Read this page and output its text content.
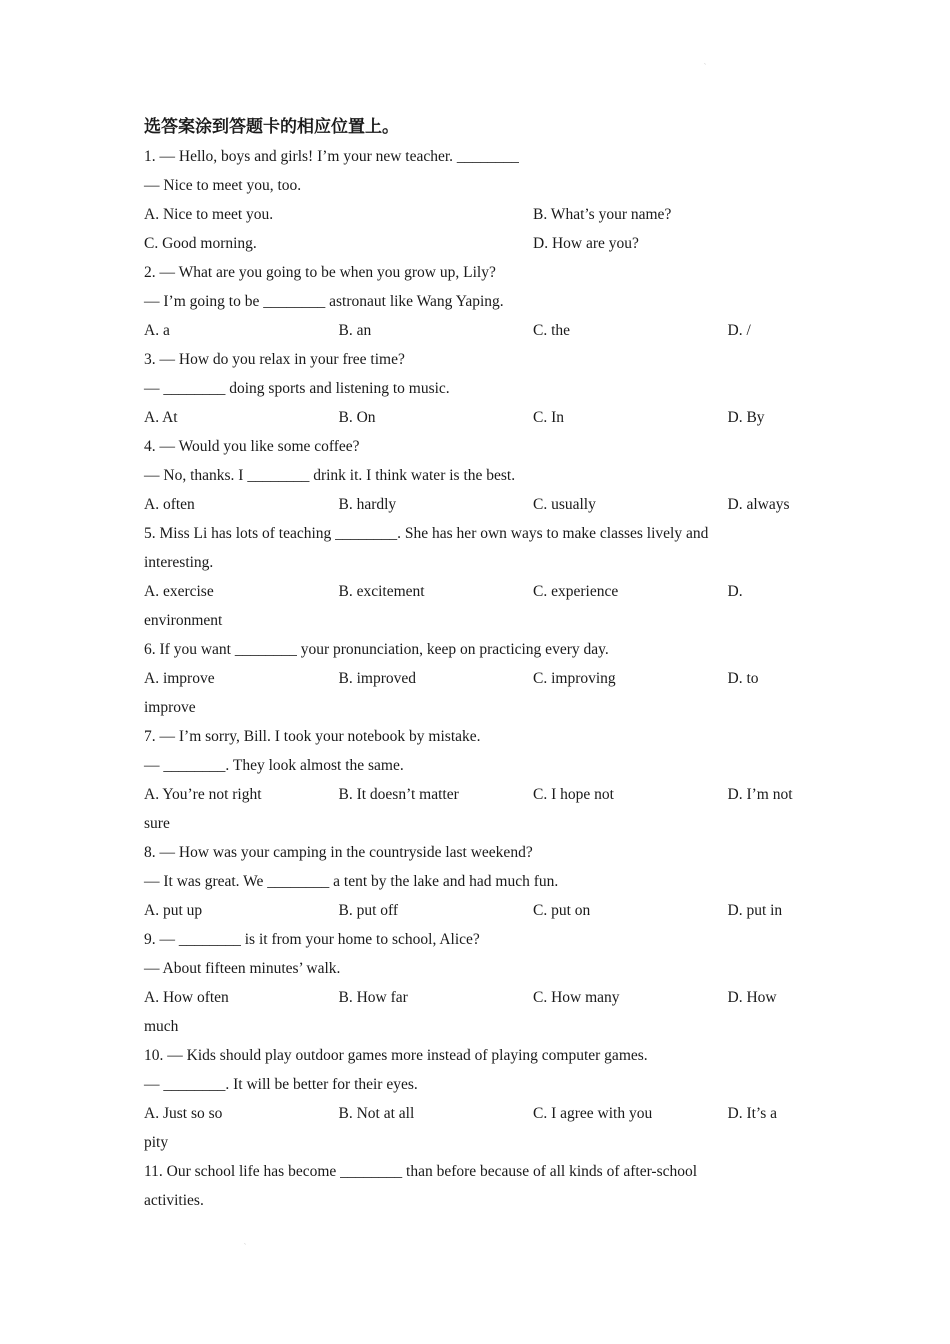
`
选答案涂到答题卡的相应位置上。
1. — Hello, boys and girls! I’m your new teacher. ________
— Nice to meet you, too.
A. Nice to meet you.	B. What’s your name?
C. Good morning.	D. How are you?
2. — What are you going to be when you grow up, Lily?
— I’m going to be ________ astronaut like Wang Yaping.
A. a	B. an	C. the	D. /
3. — How do you relax in your free time?
— ________ doing sports and listening to music.
A. At	B. On	C. In	D. By
4. — Would you like some coffee?
— No, thanks. I ________ drink it. I think water is the best.
A. often	B. hardly	C. usually	D. always
5. Miss Li has lots of teaching ________. She has her own ways to make classes lively and
interesting.
A. exercise	B. excitement	C. experience	D.
environment
6. If you want ________ your pronunciation, keep on practicing every day.
A. improve	B. improved	C. improving	D. to
improve
7. — I’m sorry, Bill. I took your notebook by mistake.
— ________. They look almost the same.
A. You’re not right	B. It doesn’t matter	C. I hope not	D. I’m not
sure
8. — How was your camping in the countryside last weekend?
— It was great. We ________ a tent by the lake and had much fun.
A. put up	B. put off	C. put on	D. put in
9. — ________ is it from your home to school, Alice?
— About fifteen minutes’ walk.
A. How often	B. How far	C. How many	D. How
much
10. — Kids should play outdoor games more instead of playing computer games.
— ________. It will be better for their eyes.
A. Just so so	B. Not at all	C. I agree with you	D. It’s a
pity
11. Our school life has become ________ than before because of all kinds of after-school
activities.
`
